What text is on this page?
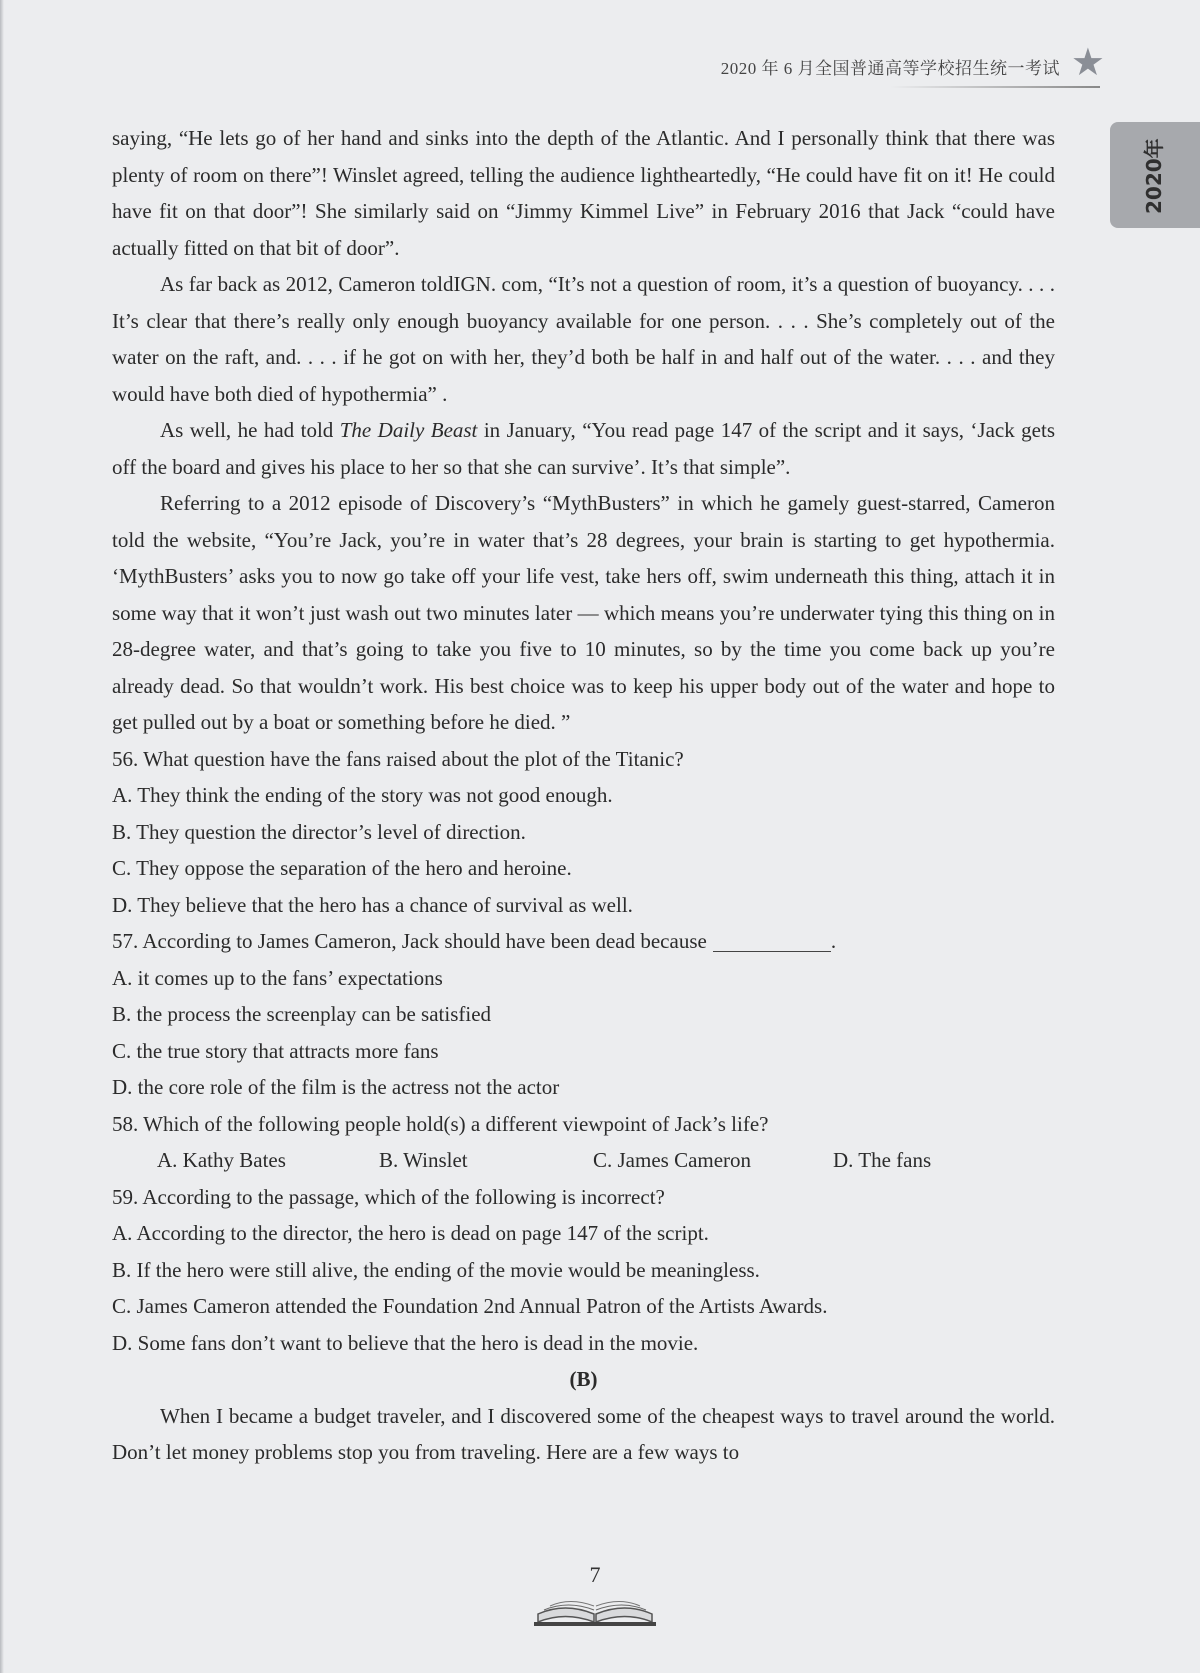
2020 年 6 月全国普通高等学校招生统一考试 ★
2020年

saying, “He lets go of her hand and sinks into the depth of the Atlantic. And I personally think that there was plenty of room on there”! Winslet agreed, telling the audience lightheartedly, “He could have fit on it! He could have fit on that door”! She similarly said on “Jimmy Kimmel Live” in February 2016 that Jack “could have actually fitted on that bit of door”.

As far back as 2012, Cameron toldIGN. com, “It’s not a question of room, it’s a question of buoyancy. . . . It’s clear that there’s really only enough buoyancy available for one person. . . . She’s completely out of the water on the raft, and. . . . if he got on with her, they’d both be half in and half out of the water. . . . and they would have both died of hypothermia” .

As well, he had told The Daily Beast in January, “You read page 147 of the script and it says, ‘Jack gets off the board and gives his place to her so that she can survive’. It’s that simple”.

Referring to a 2012 episode of Discovery’s “MythBusters” in which he gamely guest-starred, Cameron told the website, “You’re Jack, you’re in water that’s 28 degrees, your brain is starting to get hypothermia. ‘MythBusters’ asks you to now go take off your life vest, take hers off, swim underneath this thing, attach it in some way that it won’t just wash out two minutes later — which means you’re underwater tying this thing on in 28-degree water, and that’s going to take you five to 10 minutes, so by the time you come back up you’re already dead. So that wouldn’t work. His best choice was to keep his upper body out of the water and hope to get pulled out by a boat or something before he died. ”

56. What question have the fans raised about the plot of the Titanic?

A. They think the ending of the story was not good enough.

B. They question the director’s level of direction.

C. They oppose the separation of the hero and heroine.

D. They believe that the hero has a chance of survival as well.

57. According to James Cameron, Jack should have been dead because	.

A. it comes up to the fans’ expectations

B. the process the screenplay can be satisfied

C. the true story that attracts more fans

D. the core role of the film is the actress not the actor

58. Which of the following people hold(s) a different viewpoint of Jack’s life?

A. Kathy Bates	B. Winslet	C. James Cameron	D. The fans

59. According to the passage, which of the following is incorrect?

A. According to the director, the hero is dead on page 147 of the script.

B. If the hero were still alive, the ending of the movie would be meaningless.

C. James Cameron attended the Foundation 2nd Annual Patron of the Artists Awards.

D. Some fans don’t want to believe that the hero is dead in the movie.

(B)

When I became a budget traveler, and I discovered some of the cheapest ways to travel around the world. Don’t let money problems stop you from traveling. Here are a few ways to

7
